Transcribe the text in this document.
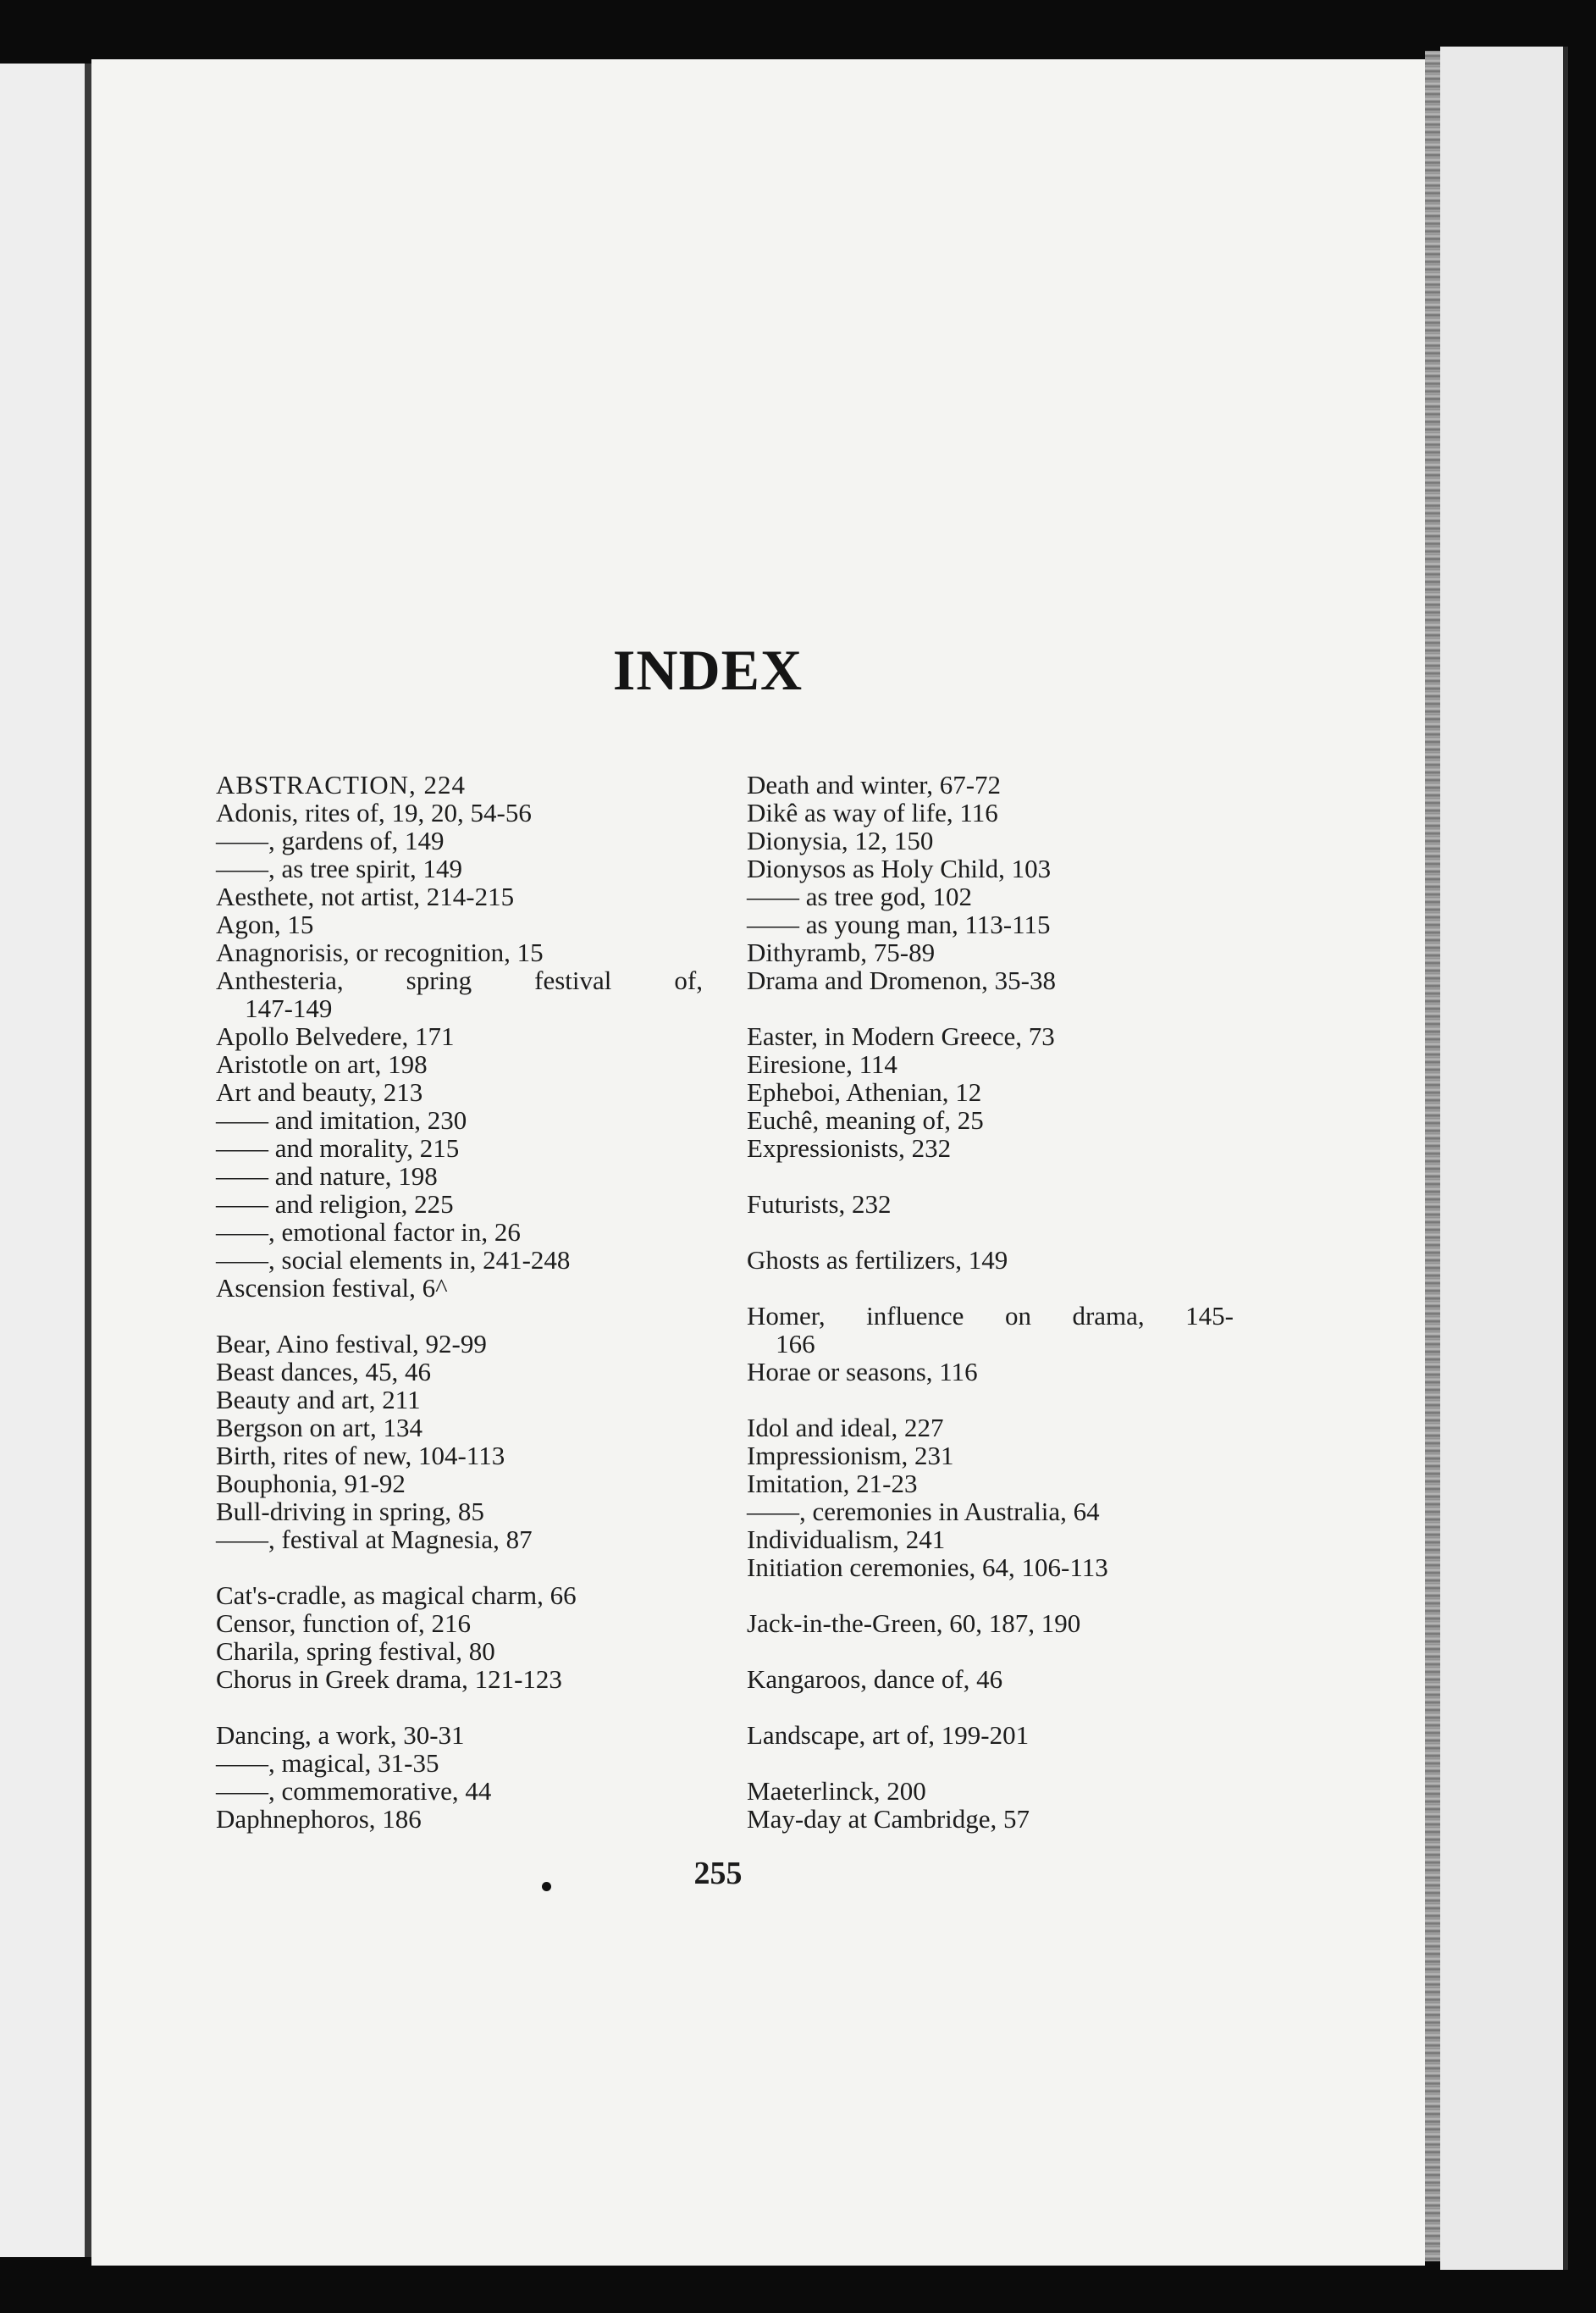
INDEX
ABSTRACTION, 224
Adonis, rites of, 19, 20, 54-56
——, gardens of, 149
——, as tree spirit, 149
Aesthete, not artist, 214-215
Agon, 15
Anagnorisis, or recognition, 15
Anthesteria, spring festival of,
147-149
Apollo Belvedere, 171
Aristotle on art, 198
Art and beauty, 213
—— and imitation, 230
—— and morality, 215
—— and nature, 198
—— and religion, 225
——, emotional factor in, 26
——, social elements in, 241-248
Ascension festival, 6^
Bear, Aino festival, 92-99
Beast dances, 45, 46
Beauty and art, 211
Bergson on art, 134
Birth, rites of new, 104-113
Bouphonia, 91-92
Bull-driving in spring, 85
——, festival at Magnesia, 87
Cat's-cradle, as magical charm, 66
Censor, function of, 216
Charila, spring festival, 80
Chorus in Greek drama, 121-123
Dancing, a work, 30-31
——, magical, 31-35
——, commemorative, 44
Daphnephoros, 186
Death and winter, 67-72
Dikê as way of life, 116
Dionysia, 12, 150
Dionysos as Holy Child, 103
—— as tree god, 102
—— as young man, 113-115
Dithyramb, 75-89
Drama and Dromenon, 35-38
Easter, in Modern Greece, 73
Eiresione, 114
Epheboi, Athenian, 12
Euchê, meaning of, 25
Expressionists, 232
Futurists, 232
Ghosts as fertilizers, 149
Homer, influence on drama, 145-
166
Horae or seasons, 116
Idol and ideal, 227
Impressionism, 231
Imitation, 21-23
——, ceremonies in Australia, 64
Individualism, 241
Initiation ceremonies, 64, 106-113
Jack-in-the-Green, 60, 187, 190
Kangaroos, dance of, 46
Landscape, art of, 199-201
Maeterlinck, 200
May-day at Cambridge, 57
255
